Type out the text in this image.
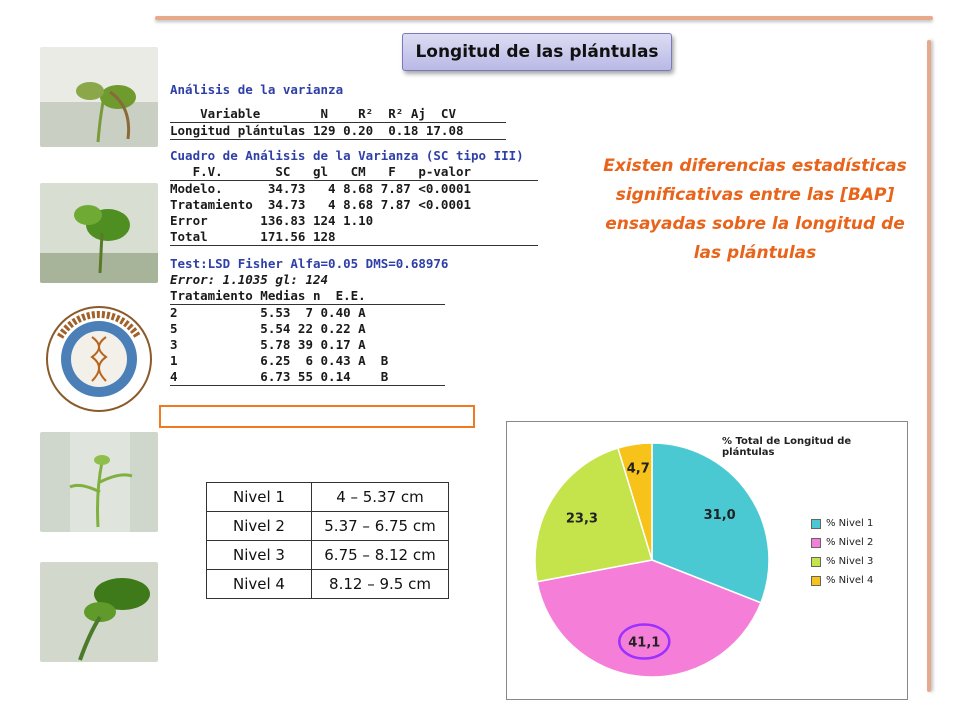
Longitud de las plántulas
Análisis de la varianza
Variable        N    R²  R² Aj  CV
Longitud plántulas 129 0.20  0.18 17.08
Cuadro de Análisis de la Varianza (SC tipo III)
F.V.       SC   gl   CM   F   p-valor
Modelo.      34.73   4 8.68 7.87 <0.0001
Tratamiento  34.73   4 8.68 7.87 <0.0001
Error       136.83 124 1.10
Total       171.56 128
Test:LSD Fisher Alfa=0.05 DMS=0.68976
Error: 1.1035 gl: 124
Tratamiento Medias n  E.E.
2           5.53  7 0.40 A
5           5.54 22 0.22 A
3           5.78 39 0.17 A
1           6.25  6 0.43 A  B
4           6.73 55 0.14    B
Existen diferencias estadísticas significativas entre las [BAP] ensayadas sobre la longitud de las plántulas
Nivel 1	4 – 5.37 cm
Nivel 2	5.37 – 6.75 cm
Nivel 3	6.75 – 8.12 cm
Nivel 4	8.12 – 9.5 cm
31,0
41,1
23,3
4,7
% Total de Longitud de plántulas
% Nivel 1
% Nivel 2
% Nivel 3
% Nivel 4
